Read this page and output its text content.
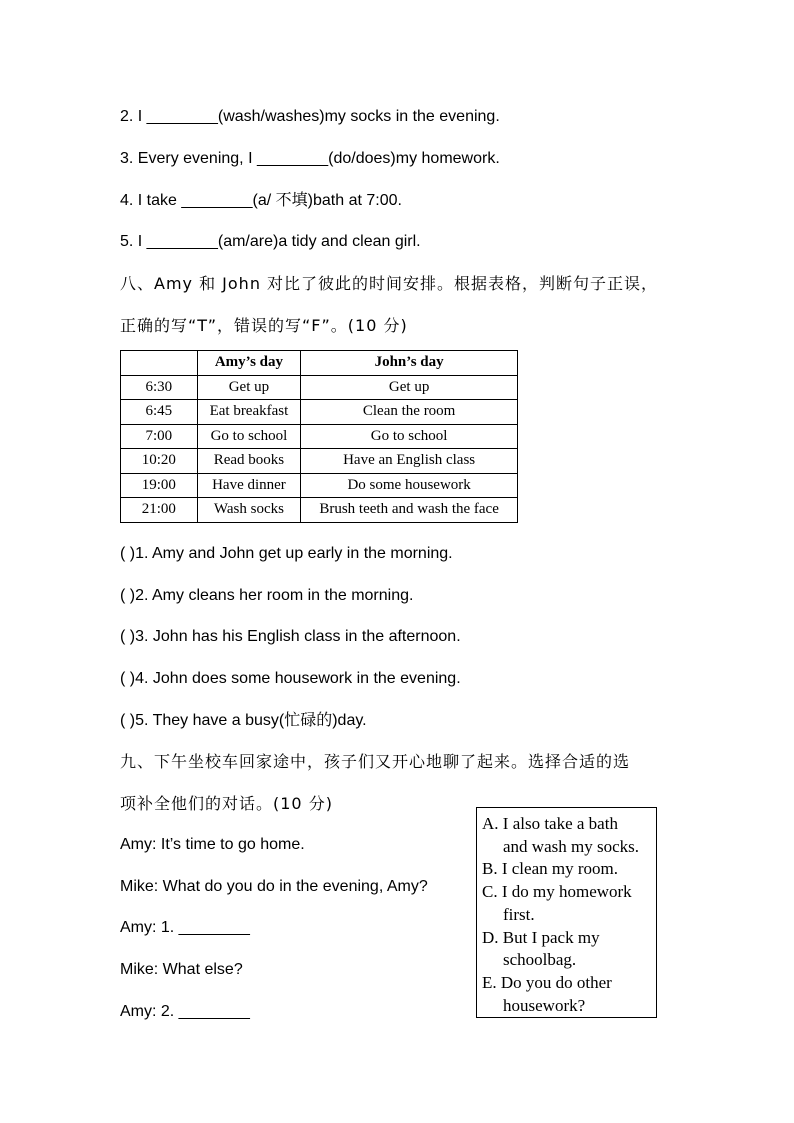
2. I ________(wash/washes)my socks in the evening.
3. Every evening, I ________(do/does)my homework.
4. I take ________(a/ 不填)bath at 7:00.
5. I ________(am/are)a tidy and clean girl.
八、Amy 和 John 对比了彼此的时间安排。根据表格，判断句子正误，
正确的写“T”，错误的写“F”。(10 分)
	Amy’s day	John’s day
6:30	Get up	Get up
6:45	Eat breakfast	Clean the room
7:00	Go to school	Go to school
10:20	Read books	Have an English class
19:00	Have dinner	Do some housework
21:00	Wash socks	Brush teeth and wash the face
( )1. Amy and John get up early in the morning.
( )2. Amy cleans her room in the morning.
( )3. John has his English class in the afternoon.
( )4. John does some housework in the evening.
( )5. They have a busy(忙碌的)day.
九、下午坐校车回家途中，孩子们又开心地聊了起来。选择合适的选
项补全他们的对话。(10 分)
Amy: It’s time to go home.
Mike: What do you do in the evening, Amy?
Amy: 1. ________
Mike: What else?
Amy: 2. ________
A. I also take a bath
and wash my socks.
B. I clean my room.
C. I do my homework
first.
D. But I pack my
schoolbag.
E. Do you do other
housework?
